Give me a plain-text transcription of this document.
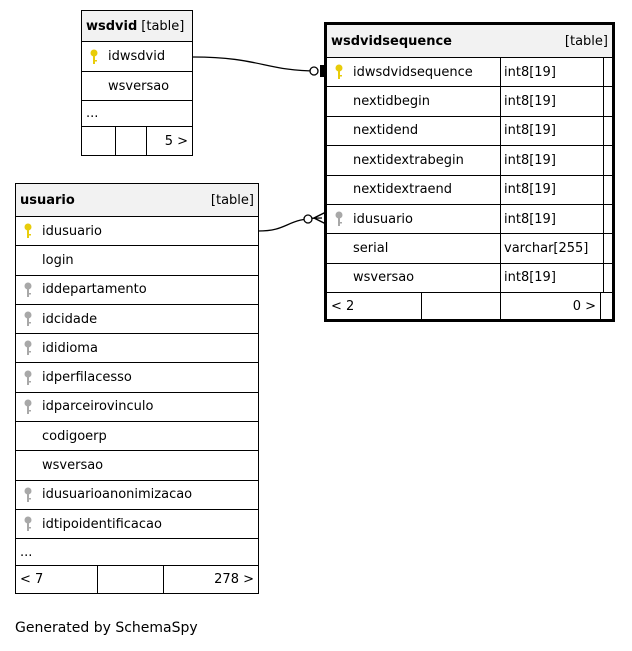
wsdvid [table]
idwsdvid
wsversao
...
5 >
wsdvidsequence	[table]
idwsdvidsequence int8[19]
nextidbegin	int8[19]
nextidend	int8[19]
nextidextrabegin	int8[19]
nextidextraend	int8[19]
idusuario	int8[19]
serial	varchar[255]
wsversao	int8[19]
< 2	0 >
usuario	[table]
idusuario
login
iddepartamento
idcidade
ididioma
idperfilacesso
idparceirovinculo
codigoerp
wsversao
idusuarioanonimizacao
idtipoidentificacao
...
< 7	278 >
Generated by SchemaSpy
